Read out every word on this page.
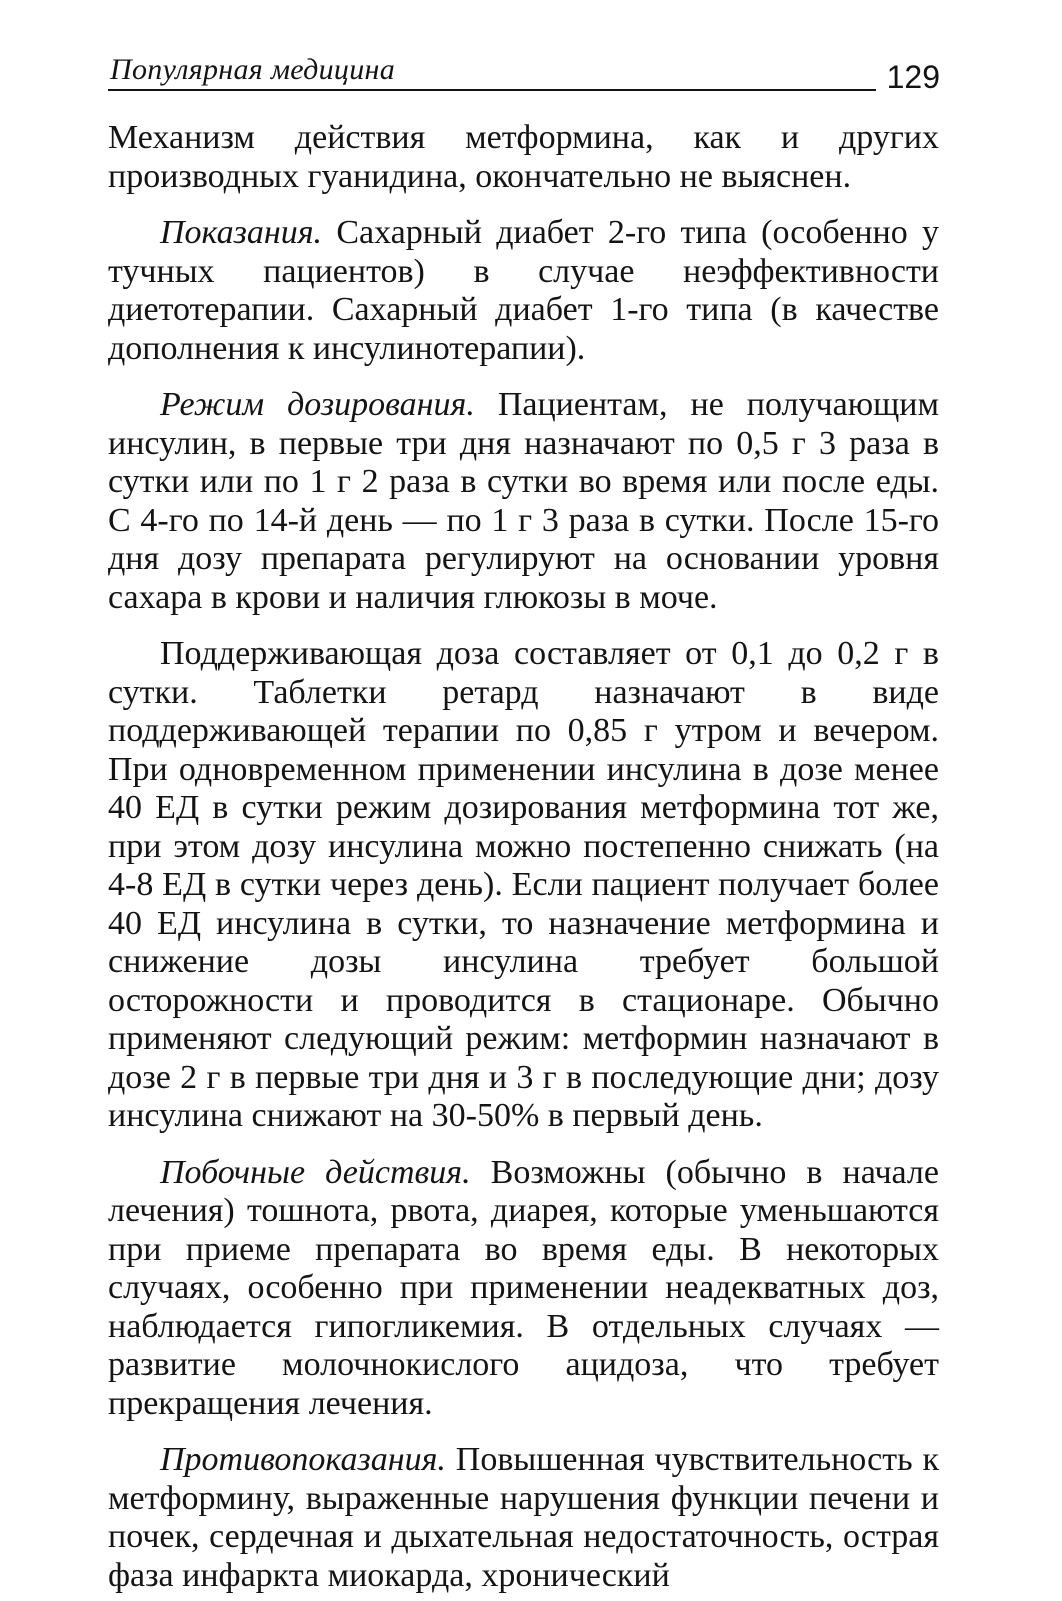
Популярная медицина	129

Механизм действия метформина, как и других производных гуанидина, окончательно не выяснен.

Показания. Сахарный диабет 2-го типа (особенно у тучных пациентов) в случае неэффективности диетотерапии. Сахарный диабет 1-го типа (в качестве дополнения к инсулинотерапии).

Режим дозирования. Пациентам, не получающим инсулин, в первые три дня назначают по 0,5 г 3 раза в сутки или по 1 г 2 раза в сутки во время или после еды. С 4-го по 14-й день — по 1 г 3 раза в сутки. После 15-го дня дозу препарата регулируют на основании уровня сахара в крови и наличия глюкозы в моче.

Поддерживающая доза составляет от 0,1 до 0,2 г в сутки. Таблетки ретард назначают в виде поддерживающей терапии по 0,85 г утром и вечером. При одновременном применении инсулина в дозе менее 40 ЕД в сутки режим дозирования метформина тот же, при этом дозу инсулина можно постепенно снижать (на 4-8 ЕД в сутки через день). Если пациент получает более 40 ЕД инсулина в сутки, то назначение метформина и снижение дозы инсулина требует большой осторожности и проводится в стационаре. Обычно применяют следующий режим: метформин назначают в дозе 2 г в первые три дня и 3 г в последующие дни; дозу инсулина снижают на 30-50% в первый день.

Побочные действия. Возможны (обычно в начале лечения) тошнота, рвота, диарея, которые уменьшаются при приеме препарата во время еды. В некоторых случаях, особенно при применении неадекватных доз, наблюдается гипогликемия. В отдельных случаях — развитие молочнокислого ацидоза, что требует прекращения лечения.

Противопоказания. Повышенная чувствительность к метформину, выраженные нарушения функции печени и почек, сердечная и дыхательная недостаточность, острая фаза инфаркта миокарда, хронический
